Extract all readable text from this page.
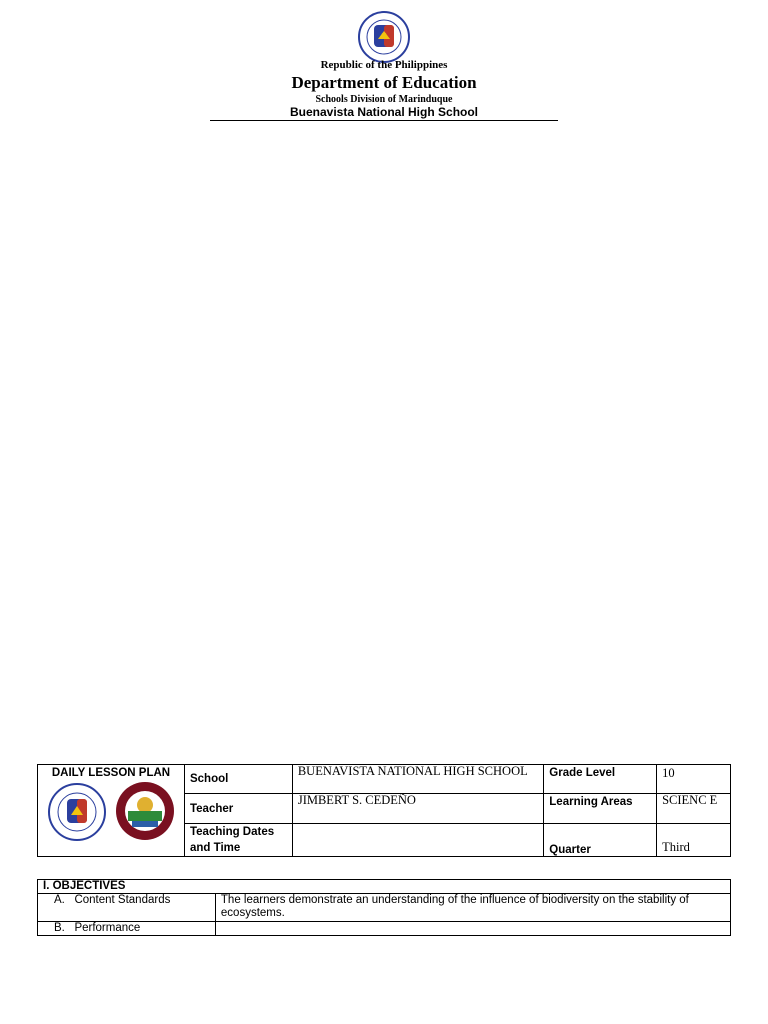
Republic of the Philippines
Department of Education
Schools Division of Marinduque
Buenavista National High School
DAILY LESSON PLAN	School	BUENAVISTA NATIONAL HIGH SCHOOL	Grade Level	10
	Teacher	JIMBERT S. CEDEÑO	Learning Areas	SCIENC E
	Teaching Dates and Time		Quarter	Third
I. OBJECTIVES	
A.   Content Standards	The learners demonstrate an understanding of the influence of biodiversity on the stability of ecosystems.
B.   Performance	
